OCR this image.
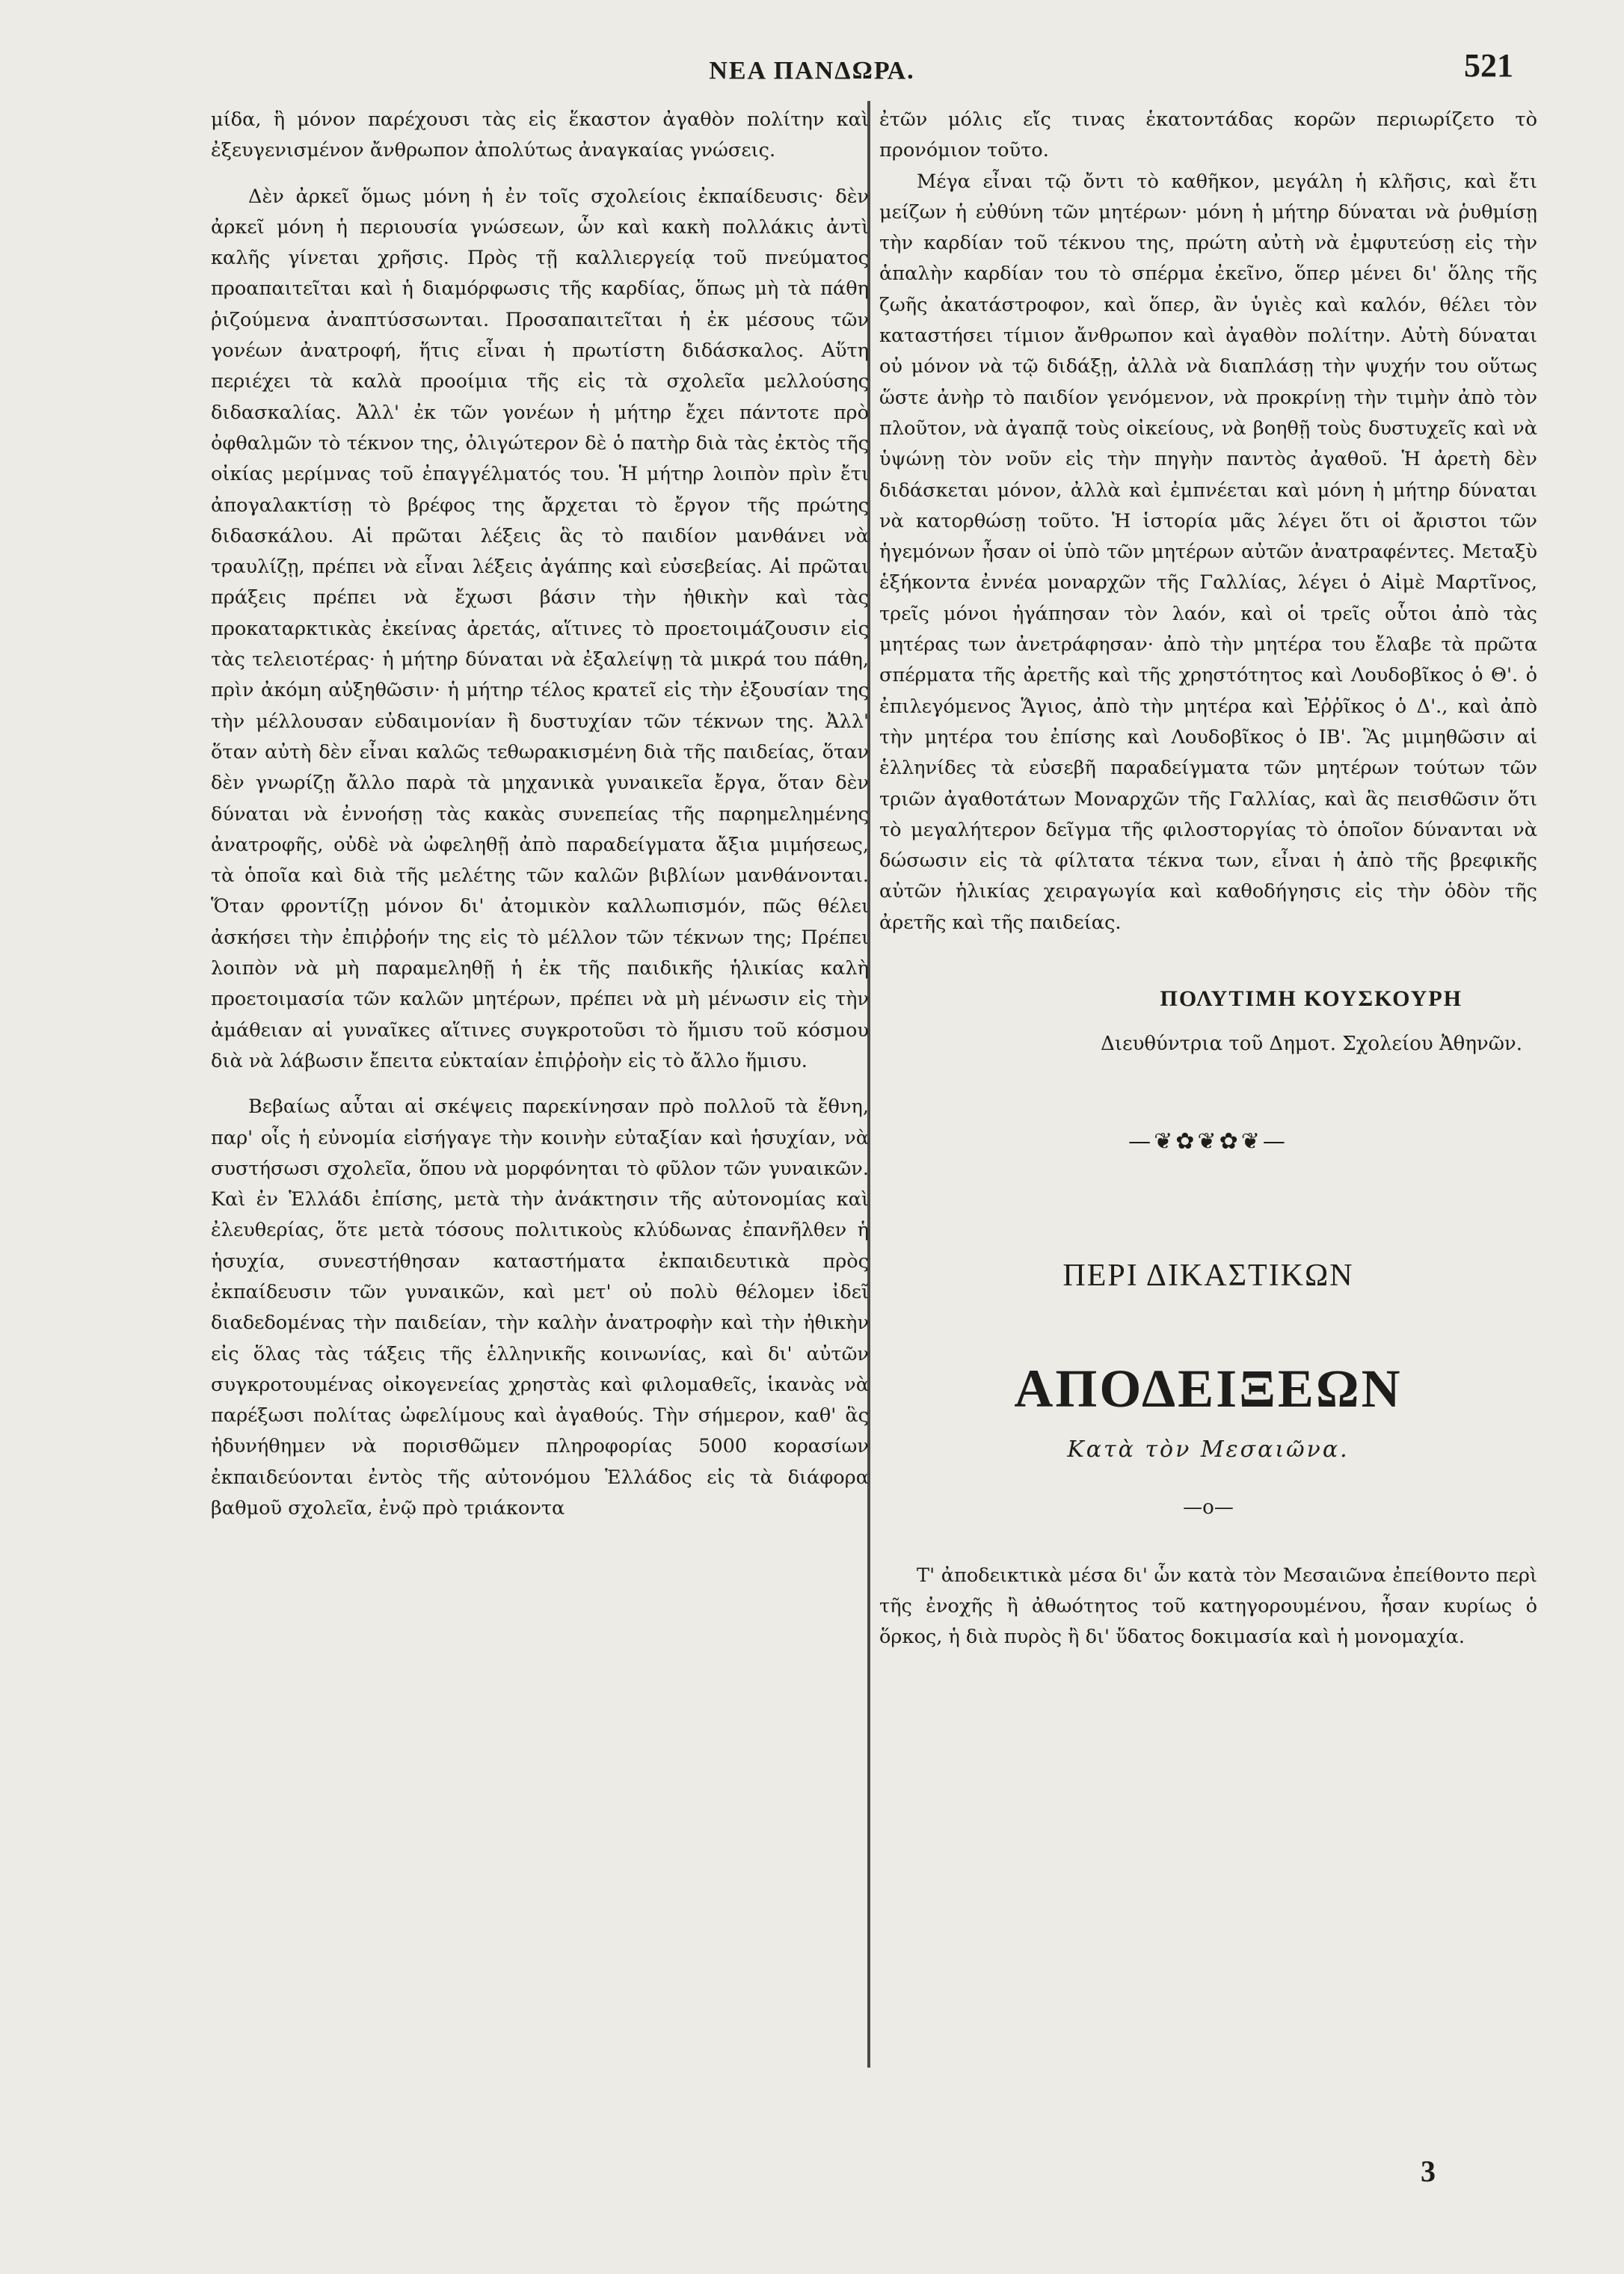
ΝΕΑ ΠΑΝΔΩΡΑ.	521

μίδα, ἣ μόνον παρέχουσι τὰς εἰς ἕκαστον ἀγαθὸν πολίτην καὶ ἐξευγενισμένον ἄνθρωπον ἀπολύτως ἀναγκαίας γνώσεις.

Δὲν ἀρκεῖ ὅμως μόνη ἡ ἐν τοῖς σχολείοις ἐκπαίδευσις· δὲν ἀρκεῖ μόνη ἡ περιουσία γνώσεων, ὧν καὶ κακὴ πολλάκις ἀντὶ καλῆς γίνεται χρῆσις. Πρὸς τῇ καλλιεργείᾳ τοῦ πνεύματος προαπαιτεῖται καὶ ἡ διαμόρφωσις τῆς καρδίας, ὅπως μὴ τὰ πάθη ῥιζούμενα ἀναπτύσσωνται. Προσαπαιτεῖται ἡ ἐκ μέσους τῶν γονέων ἀνατροφή, ἥτις εἶναι ἡ πρωτίστη διδάσκαλος. Αὕτη περιέχει τὰ καλὰ προοίμια τῆς εἰς τὰ σχολεῖα μελλούσης διδασκαλίας. Ἀλλ' ἐκ τῶν γονέων ἡ μήτηρ ἔχει πάντοτε πρὸ ὀφθαλμῶν τὸ τέκνον της, ὀλιγώτερον δὲ ὁ πατὴρ διὰ τὰς ἐκτὸς τῆς οἰκίας μερίμνας τοῦ ἐπαγγέλματός του. Ἡ μήτηρ λοιπὸν πρὶν ἔτι ἀπογαλακτίσῃ τὸ βρέφος της ἄρχεται τὸ ἔργον τῆς πρώτης διδασκάλου. Αἱ πρῶται λέξεις ἃς τὸ παιδίον μανθάνει νὰ τραυλίζῃ, πρέπει νὰ εἶναι λέξεις ἀγάπης καὶ εὐσεβείας. Αἱ πρῶται πράξεις πρέπει νὰ ἔχωσι βάσιν τὴν ἠθικὴν καὶ τὰς προκαταρκτικὰς ἐκείνας ἀρετάς, αἵτινες τὸ προετοιμάζουσιν εἰς τὰς τελειοτέρας· ἡ μήτηρ δύναται νὰ ἐξαλείψῃ τὰ μικρά του πάθη, πρὶν ἀκόμη αὐξηθῶσιν· ἡ μήτηρ τέλος κρατεῖ εἰς τὴν ἐξουσίαν της τὴν μέλλουσαν εὐδαιμονίαν ἢ δυστυχίαν τῶν τέκνων της. Ἀλλ' ὅταν αὐτὴ δὲν εἶναι καλῶς τεθωρακισμένη διὰ τῆς παιδείας, ὅταν δὲν γνωρίζῃ ἄλλο παρὰ τὰ μηχανικὰ γυναικεῖα ἔργα, ὅταν δὲν δύναται νὰ ἐννοήσῃ τὰς κακὰς συνεπείας τῆς παρημελημένης ἀνατροφῆς, οὐδὲ νὰ ὠφεληθῇ ἀπὸ παραδείγματα ἄξια μιμήσεως, τὰ ὁποῖα καὶ διὰ τῆς μελέτης τῶν καλῶν βιβλίων μανθάνονται. Ὅταν φροντίζῃ μόνον δι' ἀτομικὸν καλλωπισμόν, πῶς θέλει ἀσκήσει τὴν ἐπιῤῥοήν της εἰς τὸ μέλλον τῶν τέκνων της; Πρέπει λοιπὸν νὰ μὴ παραμεληθῇ ἡ ἐκ τῆς παιδικῆς ἡλικίας καλὴ προετοιμασία τῶν καλῶν μητέρων, πρέπει νὰ μὴ μένωσιν εἰς τὴν ἀμάθειαν αἱ γυναῖκες αἵτινες συγκροτοῦσι τὸ ἥμισυ τοῦ κόσμου διὰ νὰ λάβωσιν ἔπειτα εὐκταίαν ἐπιῤῥοὴν εἰς τὸ ἄλλο ἥμισυ.

Βεβαίως αὗται αἱ σκέψεις παρεκίνησαν πρὸ πολλοῦ τὰ ἔθνη, παρ' οἷς ἡ εὐνομία εἰσήγαγε τὴν κοινὴν εὐταξίαν καὶ ἡσυχίαν, νὰ συστήσωσι σχολεῖα, ὅπου νὰ μορφόνηται τὸ φῦλον τῶν γυναικῶν. Καὶ ἐν Ἑλλάδι ἐπίσης, μετὰ τὴν ἀνάκτησιν τῆς αὐτονομίας καὶ ἐλευθερίας, ὅτε μετὰ τόσους πολιτικοὺς κλύδωνας ἐπανῆλθεν ἡ ἡσυχία, συνεστήθησαν καταστήματα ἐκπαιδευτικὰ πρὸς ἐκπαίδευσιν τῶν γυναικῶν, καὶ μετ' οὐ πολὺ θέλομεν ἰδεῖ διαδεδομένας τὴν παιδείαν, τὴν καλὴν ἀνατροφὴν καὶ τὴν ἠθικὴν εἰς ὅλας τὰς τάξεις τῆς ἑλληνικῆς κοινωνίας, καὶ δι' αὐτῶν συγκροτουμένας οἰκογενείας χρηστὰς καὶ φιλομαθεῖς, ἱκανὰς νὰ παρέξωσι πολίτας ὠφελίμους καὶ ἀγαθούς. Τὴν σήμερον, καθ' ἃς ἠδυνήθημεν νὰ πορισθῶμεν πληροφορίας 5000 κορασίων ἐκπαιδεύονται ἐντὸς τῆς αὐτονόμου Ἑλλάδος εἰς τὰ διάφορα βαθμοῦ σχολεῖα, ἐνῷ πρὸ τριάκοντα

ἐτῶν μόλις εἴς τινας ἑκατοντάδας κορῶν περιωρίζετο τὸ προνόμιον τοῦτο.

Μέγα εἶναι τῷ ὄντι τὸ καθῆκον, μεγάλη ἡ κλῆσις, καὶ ἔτι μείζων ἡ εὐθύνη τῶν μητέρων· μόνη ἡ μήτηρ δύναται νὰ ῥυθμίσῃ τὴν καρδίαν τοῦ τέκνου της, πρώτη αὐτὴ νὰ ἐμφυτεύσῃ εἰς τὴν ἁπαλὴν καρδίαν του τὸ σπέρμα ἐκεῖνο, ὅπερ μένει δι' ὅλης τῆς ζωῆς ἀκατάστροφον, καὶ ὅπερ, ἂν ὑγιὲς καὶ καλόν, θέλει τὸν καταστήσει τίμιον ἄνθρωπον καὶ ἀγαθὸν πολίτην. Αὐτὴ δύναται οὐ μόνον νὰ τῷ διδάξῃ, ἀλλὰ νὰ διαπλάσῃ τὴν ψυχήν του οὕτως ὥστε ἀνὴρ τὸ παιδίον γενόμενον, νὰ προκρίνῃ τὴν τιμὴν ἀπὸ τὸν πλοῦτον, νὰ ἀγαπᾷ τοὺς οἰκείους, νὰ βοηθῇ τοὺς δυστυχεῖς καὶ νὰ ὑψώνῃ τὸν νοῦν εἰς τὴν πηγὴν παντὸς ἀγαθοῦ. Ἡ ἀρετὴ δὲν διδάσκεται μόνον, ἀλλὰ καὶ ἐμπνέεται καὶ μόνη ἡ μήτηρ δύναται νὰ κατορθώσῃ τοῦτο. Ἡ ἱστορία μᾶς λέγει ὅτι οἱ ἄριστοι τῶν ἡγεμόνων ἦσαν οἱ ὑπὸ τῶν μητέρων αὐτῶν ἀνατραφέντες. Μεταξὺ ἑξήκοντα ἐννέα μοναρχῶν τῆς Γαλλίας, λέγει ὁ Αἰμὲ Μαρτῖνος, τρεῖς μόνοι ἠγάπησαν τὸν λαόν, καὶ οἱ τρεῖς οὗτοι ἀπὸ τὰς μητέρας των ἀνετράφησαν· ἀπὸ τὴν μητέρα του ἔλαβε τὰ πρῶτα σπέρματα τῆς ἀρετῆς καὶ τῆς χρηστότητος καὶ Λουδοβῖκος ὁ Θ'. ὁ ἐπιλεγόμενος Ἅγιος, ἀπὸ τὴν μητέρα καὶ Ἐῤῥῖκος ὁ Δ'., καὶ ἀπὸ τὴν μητέρα του ἐπίσης καὶ Λουδοβῖκος ὁ ΙΒ'. Ἃς μιμηθῶσιν αἱ ἑλληνίδες τὰ εὐσεβῆ παραδείγματα τῶν μητέρων τούτων τῶν τριῶν ἀγαθοτάτων Μοναρχῶν τῆς Γαλλίας, καὶ ἃς πεισθῶσιν ὅτι τὸ μεγαλήτερον δεῖγμα τῆς φιλοστοργίας τὸ ὁποῖον δύνανται νὰ δώσωσιν εἰς τὰ φίλτατα τέκνα των, εἶναι ἡ ἀπὸ τῆς βρεφικῆς αὐτῶν ἡλικίας χειραγωγία καὶ καθοδήγησις εἰς τὴν ὁδὸν τῆς ἀρετῆς καὶ τῆς παιδείας.

ΠΟΛΥΤΙΜΗ ΚΟΥΣΚΟΥΡΗ
Διευθύντρια τοῦ Δημοτ. Σχολείου Ἀθηνῶν.
—❦✿❦✿❦—
ΠΕΡΙ ΔΙΚΑΣΤΙΚΩΝ
ΑΠΟΔΕΙΞΕΩΝ
Κατὰ τὸν Μεσαιῶνα.
—o—

Τ' ἀποδεικτικὰ μέσα δι' ὧν κατὰ τὸν Μεσαιῶνα ἐπείθοντο περὶ τῆς ἐνοχῆς ἢ ἀθωότητος τοῦ κατηγορουμένου, ἦσαν κυρίως ὁ ὅρκος, ἡ διὰ πυρὸς ἢ δι' ὕδατος δοκιμασία καὶ ἡ μονομαχία.

3
